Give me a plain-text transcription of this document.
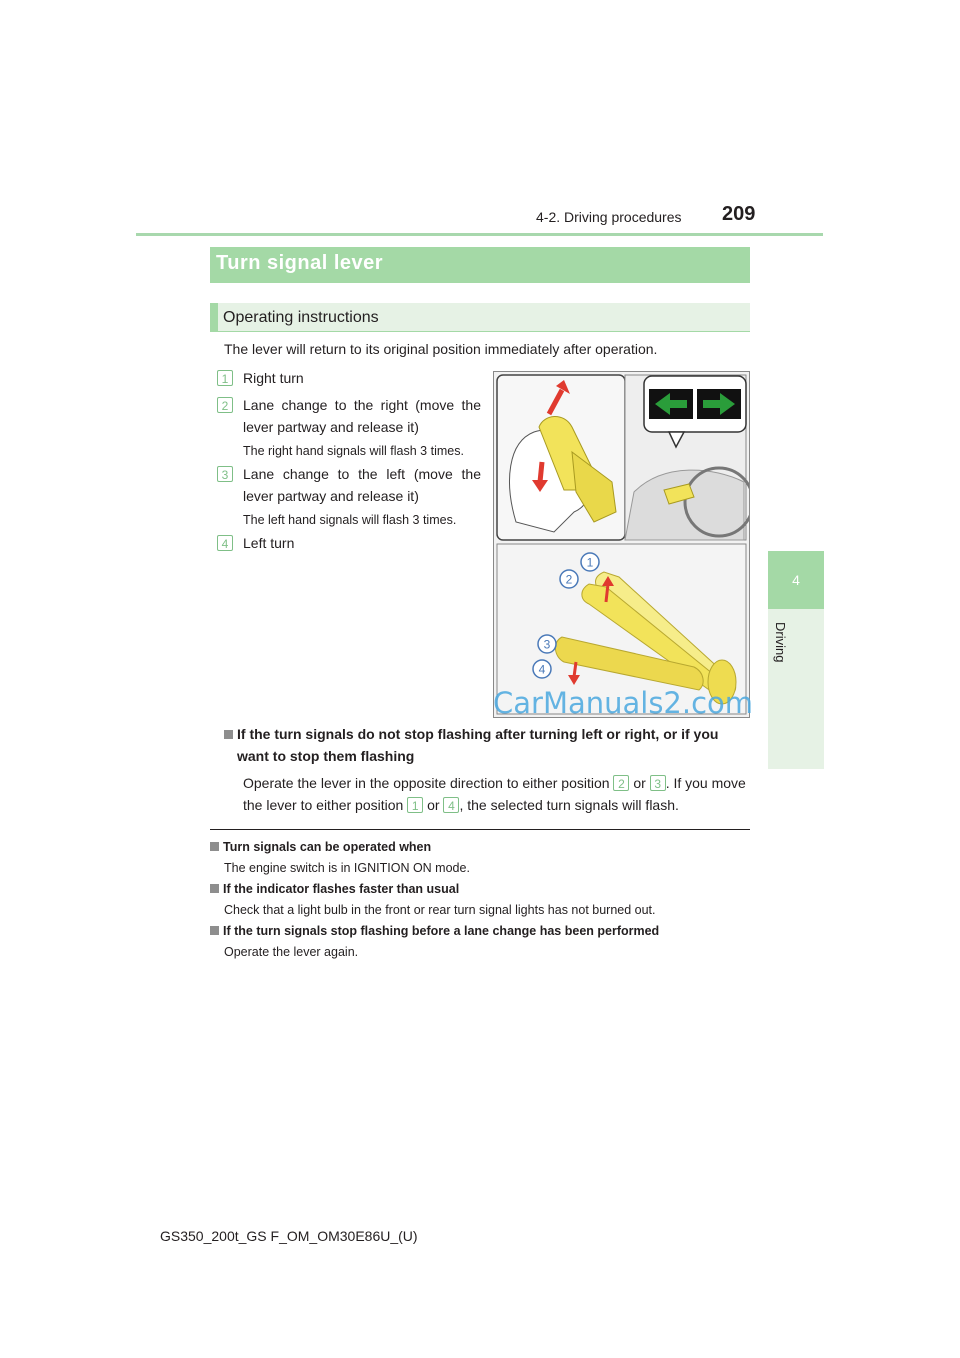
4-2. Driving procedures 209
4
Driving
Turn signal lever
Operating instructions
The lever will return to its original position immediately after operation.
1	Right turn
2	Lane change to the right (move the lever partway and release it)
The right hand signals will flash 3 times.
3	Lane change to the left (move the lever partway and release it)
The left hand signals will flash 3 times.
4	Left turn
1
2
3
4
CarManuals2.com
If the turn signals do not stop flashing after turning left or right, or if you want to stop them flashing
Operate the lever in the opposite direction to either position 2 or 3 . If you move the lever to either position 1 or 4 , the selected turn signals will flash.
Turn signals can be operated when
The engine switch is in IGNITION ON mode.
If the indicator flashes faster than usual
Check that a light bulb in the front or rear turn signal lights has not burned out.
If the turn signals stop flashing before a lane change has been performed
Operate the lever again.
GS350_200t_GS F_OM_OM30E86U_(U)
